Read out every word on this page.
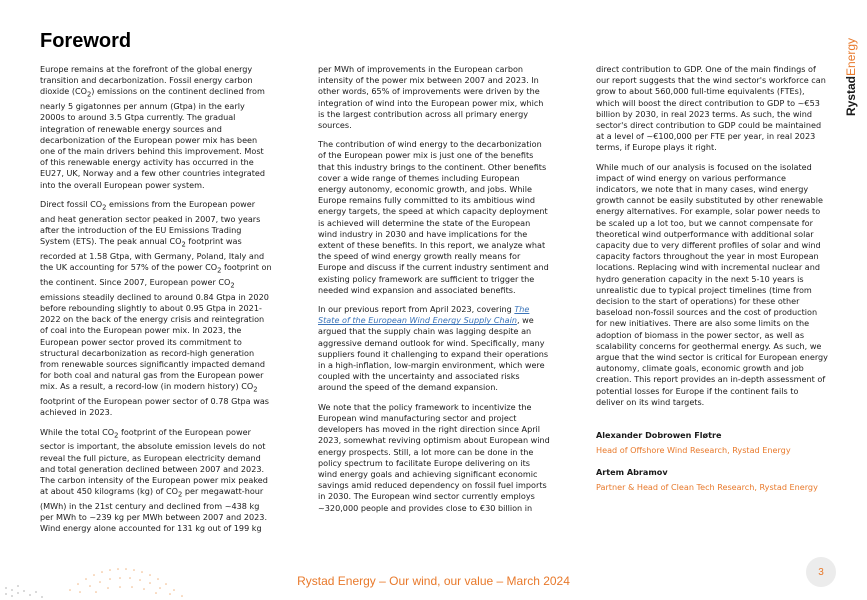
Foreword
RystadEnergy

Europe remains at the forefront of the global energy transition and decarbonization. Fossil energy carbon dioxide $(CO_2)$ emissions on the continent declined from nearly 5 gigatonnes per annum (Gtpa) in the early 2000s to around 3.5 Gtpa currently. The gradual integration of renewable energy sources and decarbonization of the European power mix has been one of the main drivers behind this improvement. Most of this renewable energy activity has occurred in the EU27, UK, Norway and a few other countries integrated into the overall European power system.

Direct fossil $CO_2$ emissions from the European power and heat generation sector peaked in 2007, two years after the introduction of the EU Emissions Trading System (ETS). The peak annual $CO_2$ footprint was recorded at 1.58 Gtpa, with Germany, Poland, Italy and the UK accounting for 57% of the power $CO_2$ footprint on the continent. Since 2007, European power $CO_2$ emissions steadily declined to around 0.84 Gtpa in 2020 before rebounding slightly to about 0.95 Gtpa in 2021-2022 on the back of the energy crisis and reintegration of coal into the European power mix. In 2023, the European power sector proved its commitment to structural decarbonization as record-high generation from renewable sources significantly impacted demand for both coal and natural gas from the European power mix. As a result, a record-low (in modern history) $CO_2$ footprint of the European power sector of 0.78 Gtpa was achieved in 2023.

While the total $CO_2$ footprint of the European power sector is important, the absolute emission levels do not reveal the full picture, as European electricity demand and total generation declined between 2007 and 2023. The carbon intensity of the European power mix peaked at about 450 kilograms (kg) of $CO_2$ per megawatt-hour (MWh) in the 21st century and declined from ~438 kg per MWh to ~239 kg per MWh between 2007 and 2023. Wind energy alone accounted for 131 kg out of 199 kg

per MWh of improvements in the European carbon intensity of the power mix between 2007 and 2023. In other words, 65% of improvements were driven by the integration of wind into the European power mix, which is the largest contribution across all primary energy sources.

The contribution of wind energy to the decarbonization of the European power mix is just one of the benefits that this industry brings to the continent. Other benefits cover a wide range of themes including European energy autonomy, economic growth, and jobs. While Europe remains fully committed to its ambitious wind energy targets, the speed at which capacity deployment is achieved will determine the state of the European wind industry in 2030 and have implications for the extent of these benefits. In this report, we analyze what the speed of wind energy growth really means for Europe and discuss if the current industry sentiment and existing policy framework are sufficient to trigger the needed wind expansion and associated benefits.

In our previous report from April 2023, covering The State of the European Wind Energy Supply Chain, we argued that the supply chain was lagging despite an aggressive demand outlook for wind. Specifically, many suppliers found it challenging to expand their operations in a high-inflation, low-margin environment, which were coupled with the uncertainty and associated risks around the speed of the demand expansion.

We note that the policy framework to incentivize the European wind manufacturing sector and project developers has moved in the right direction since April 2023, somewhat reviving optimism about European wind energy prospects. Still, a lot more can be done in the policy spectrum to facilitate Europe delivering on its wind energy goals and achieving significant economic savings amid reduced dependency on fossil fuel imports in 2030. The European wind sector currently employs ~320,000 people and provides close to €30 billion in

direct contribution to GDP. One of the main findings of our report suggests that the wind sector's workforce can grow to about 560,000 full-time equivalents (FTEs), which will boost the direct contribution to GDP to ~€53 billion by 2030, in real 2023 terms. As such, the wind sector's direct contribution to GDP could be maintained at a level of ~€100,000 per FTE per year, in real 2023 terms, if Europe plays it right.

While much of our analysis is focused on the isolated impact of wind energy on various performance indicators, we note that in many cases, wind energy growth cannot be easily substituted by other renewable energy alternatives. For example, solar power needs to be scaled up a lot too, but we cannot compensate for theoretical wind outperformance with additional solar capacity due to very different profiles of solar and wind capacity factors throughout the year in most European locations. Replacing wind with incremental nuclear and hydro generation capacity in the next 5-10 years is unrealistic due to typical project timelines (time from decision to the start of operations) for these other baseload non-fossil sources and the cost of production for new initiatives. There are also some limits on the adoption of biomass in the power sector, as well as scalability concerns for geothermal energy. As such, we argue that the wind sector is critical for European energy autonomy, climate goals, economic growth and job creation. This report provides an in-depth assessment of potential losses for Europe if the continent fails to deliver on its wind targets.

Alexander Dobrowen Fløtre
Head of Offshore Wind Research, Rystad Energy
Artem Abramov
Partner & Head of Clean Tech Research, Rystad Energy
Rystad Energy – Our wind, our value – March 2024
3
